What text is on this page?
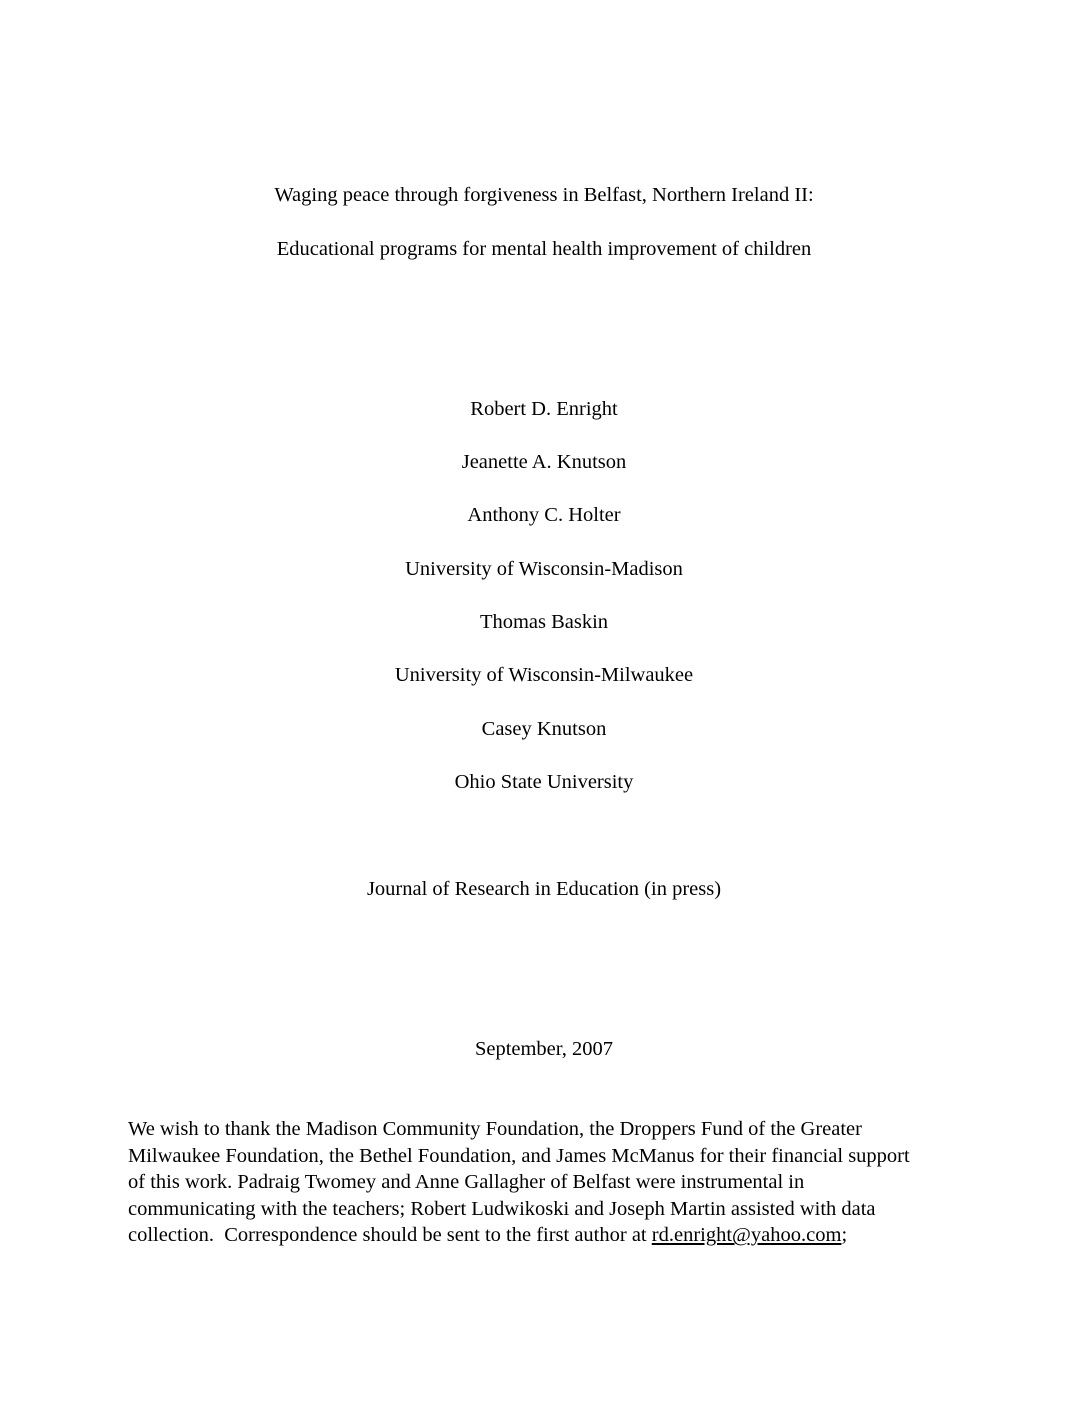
Waging peace through forgiveness in Belfast, Northern Ireland II:
Educational programs for mental health improvement of children
Robert D. Enright
Jeanette A. Knutson
Anthony C. Holter
University of Wisconsin-Madison
Thomas Baskin
University of Wisconsin-Milwaukee
Casey Knutson
Ohio State University
Journal of Research in Education (in press)
September, 2007
We wish to thank the Madison Community Foundation, the Droppers Fund of the Greater
Milwaukee Foundation, the Bethel Foundation, and James McManus for their financial support
of this work. Padraig Twomey and Anne Gallagher of Belfast were instrumental in
communicating with the teachers; Robert Ludwikoski and Joseph Martin assisted with data
collection.  Correspondence should be sent to the first author at rd.enright@yahoo.com;
